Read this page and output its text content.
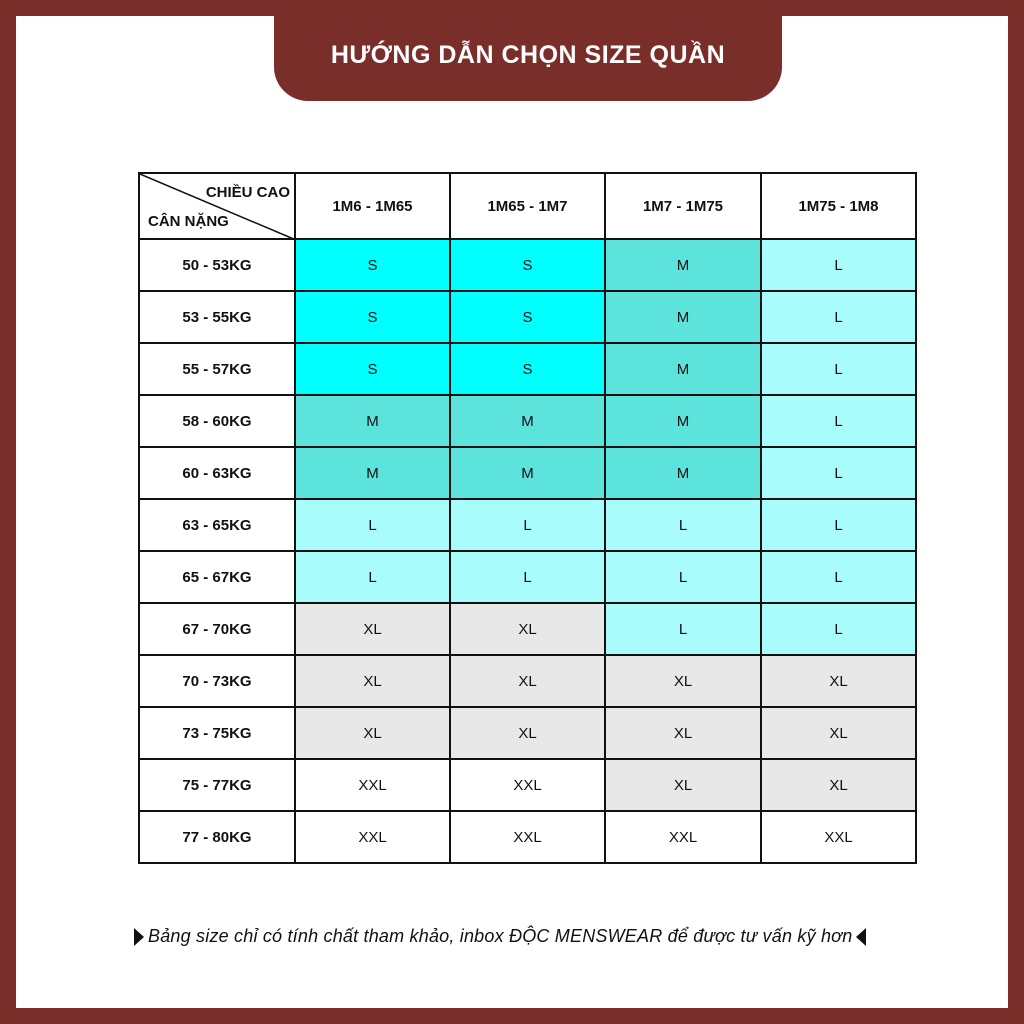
HƯỚNG DẪN CHỌN SIZE QUẦN
CHIỀU CAO
CÂN NẶNG	1M6 - 1M65	1M65 - 1M7	1M7 - 1M75	1M75 - 1M8
50 - 53KG	S	S	M	L
53 - 55KG	S	S	M	L
55 - 57KG	S	S	M	L
58 - 60KG	M	M	M	L
60 - 63KG	M	M	M	L
63 - 65KG	L	L	L	L
65 - 67KG	L	L	L	L
67 - 70KG	XL	XL	L	L
70 - 73KG	XL	XL	XL	XL
73 - 75KG	XL	XL	XL	XL
75 - 77KG	XXL	XXL	XL	XL
77 - 80KG	XXL	XXL	XXL	XXL
Bảng size chỉ có tính chất tham khảo, inbox ĐỘC MENSWEAR để được tư vấn kỹ hơn
